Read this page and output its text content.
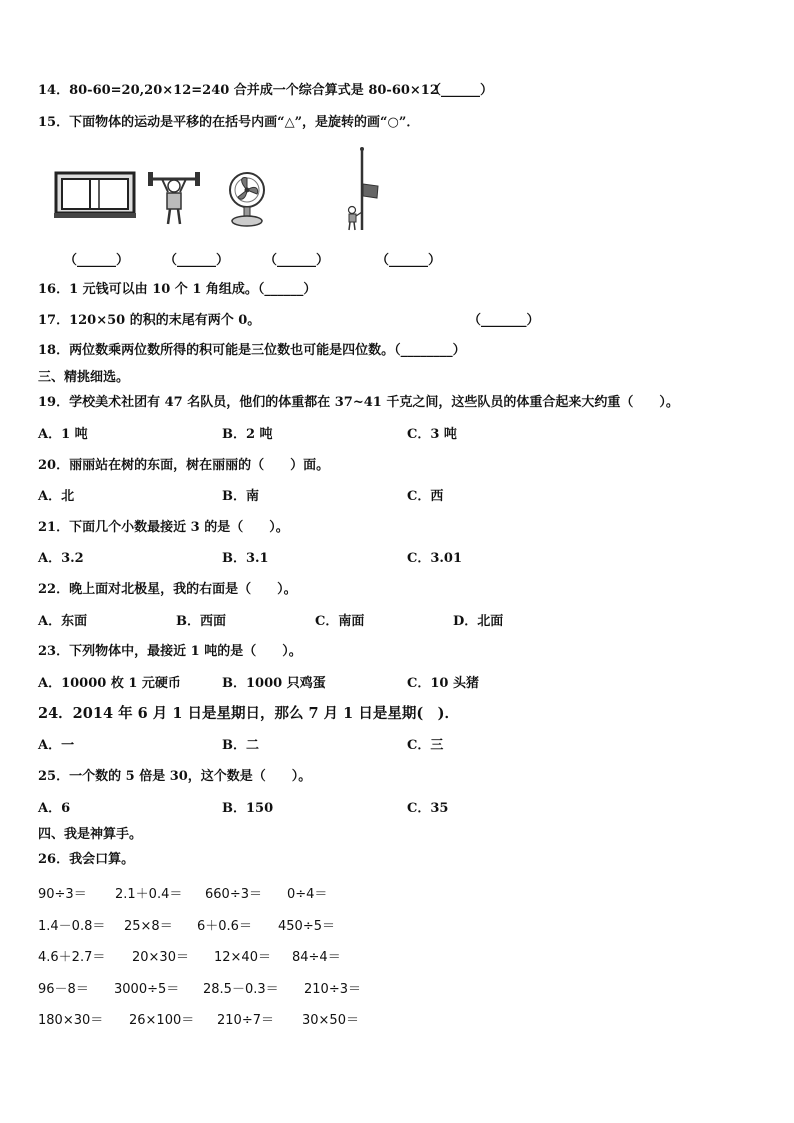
14．80-60=20,20×12=240 合并成一个综合算式是 80-60×12
（______）
15．下面物体的运动是平移的在括号内画“△”，是旋转的画“○”．
（______）	（______）	（______）	（______）
16．1 元钱可以由 10 个 1 角组成。（______）
17．120×50 的积的末尾有两个 0。	（_______）
18．两位数乘两位数所得的积可能是三位数也可能是四位数。（________）
三、精挑细选。
19．学校美术社团有 47 名队员，他们的体重都在 37~41 千克之间，这些队员的体重合起来大约重（　　）。
A．1 吨	B．2 吨	C．3 吨
20．丽丽站在树的东面，树在丽丽的（　　）面。
A．北	B．南	C．西
21．下面几个小数最接近 3 的是（　　）。
A．3.2	B．3.1	C．3.01
22．晚上面对北极星，我的右面是（　　）。
A．东面	B．西面	C．南面	D．北面
23．下列物体中，最接近 1 吨的是（　　）。
A．10000 枚 1 元硬币	B．1000 只鸡蛋	C．10 头猪
24．2014 年 6 月 1 日是星期日，那么 7 月 1 日是星期(　)．
A．一	B．二	C．三
25．一个数的 5 倍是 30，这个数是（　　）。
A．6	B．150	C．35
四、我是神算手。
26．我会口算。
90÷3＝ 2.1＋0.4＝ 660÷3＝ 0÷4＝
1.4－0.8＝ 25×8＝ 6＋0.6＝ 450÷5＝
4.6＋2.7＝ 20×30＝ 12×40＝ 84÷4＝
96－8＝ 3000÷5＝ 28.5－0.3＝ 210÷3＝
180×30＝ 26×100＝ 210÷7＝ 30×50＝
